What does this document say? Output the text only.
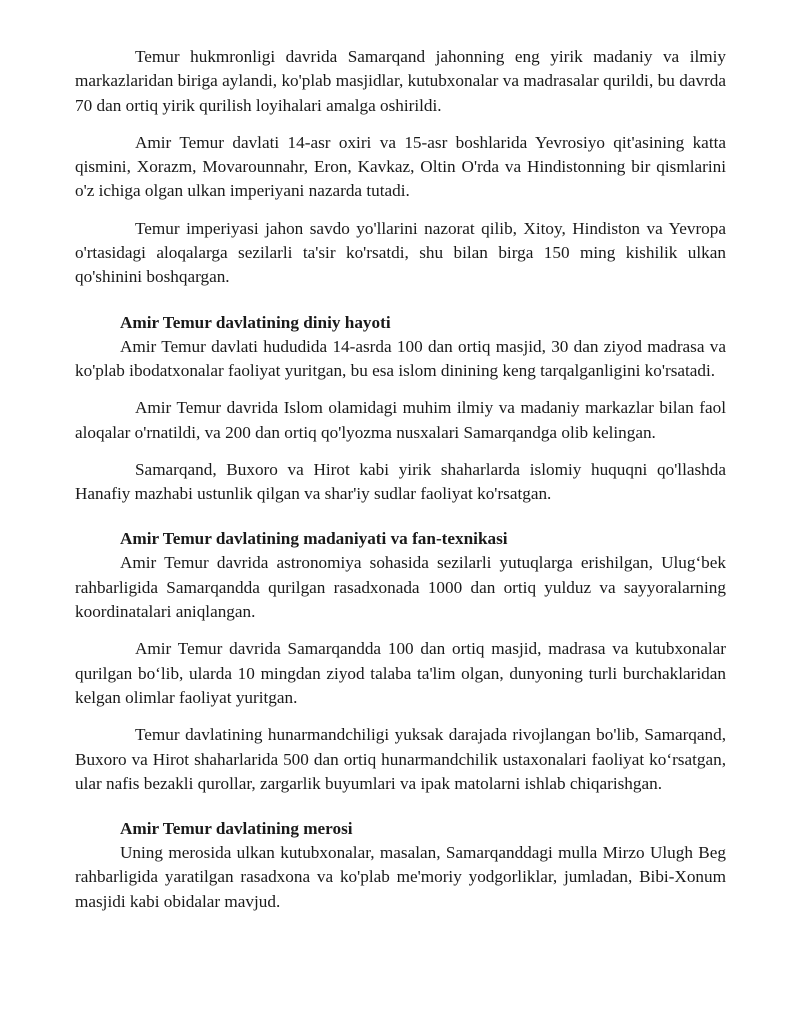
Temur hukmronligi davrida Samarqand jahonning eng yirik madaniy va ilmiy markazlaridan biriga aylandi, ko'plab masjidlar, kutubxonalar va madrasalar qurildi, bu davrda 70 dan ortiq yirik qurilish loyihalari amalga oshirildi.

Amir Temur davlati 14-asr oxiri va 15-asr boshlarida Yevrosiyo qit'asining katta qismini, Xorazm, Movarounnahr, Eron, Kavkaz, Oltin O'rda va Hindistonning bir qismlarini o'z ichiga olgan ulkan imperiyani nazarda tutadi.

Temur imperiyasi jahon savdo yo'llarini nazorat qilib, Xitoy, Hindiston va Yevropa o'rtasidagi aloqalarga sezilarli ta'sir ko'rsatdi, shu bilan birga 150 ming kishilik ulkan qo'shinini boshqargan.

Amir Temur davlatining diniy hayoti

Amir Temur davlati hududida 14-asrda 100 dan ortiq masjid, 30 dan ziyod madrasa va ko'plab ibodatxonalar faoliyat yuritgan, bu esa islom dinining keng tarqalganligini ko'rsatadi.

Amir Temur davrida Islom olamidagi muhim ilmiy va madaniy markazlar bilan faol aloqalar o'rnatildi, va 200 dan ortiq qo'lyozma nusxalari Samarqandga olib kelingan.

Samarqand, Buxoro va Hirot kabi yirik shaharlarda islomiy huquqni qo'llashda Hanafiy mazhabi ustunlik qilgan va shar'iy sudlar faoliyat ko'rsatgan.

Amir Temur davlatining madaniyati va fan-texnikasi

Amir Temur davrida astronomiya sohasida sezilarli yutuqlarga erishilgan, Ulug‘bek rahbarligida Samarqandda qurilgan rasadxonada 1000 dan ortiq yulduz va sayyoralarning koordinatalari aniqlangan.

Amir Temur davrida Samarqandda 100 dan ortiq masjid, madrasa va kutubxonalar qurilgan bo‘lib, ularda 10 mingdan ziyod talaba ta'lim olgan, dunyoning turli burchaklaridan kelgan olimlar faoliyat yuritgan.

Temur davlatining hunarmandchiligi yuksak darajada rivojlangan bo'lib, Samarqand, Buxoro va Hirot shaharlarida 500 dan ortiq hunarmandchilik ustaxonalari faoliyat ko‘rsatgan, ular nafis bezakli qurollar, zargarlik buyumlari va ipak matolarni ishlab chiqarishgan.

Amir Temur davlatining merosi

Uning merosida ulkan kutubxonalar, masalan, Samarqanddagi mulla Mirzo Ulugh Beg rahbarligida yaratilgan rasadxona va ko'plab me'moriy yodgorliklar, jumladan, Bibi-Xonum masjidi kabi obidalar mavjud.
